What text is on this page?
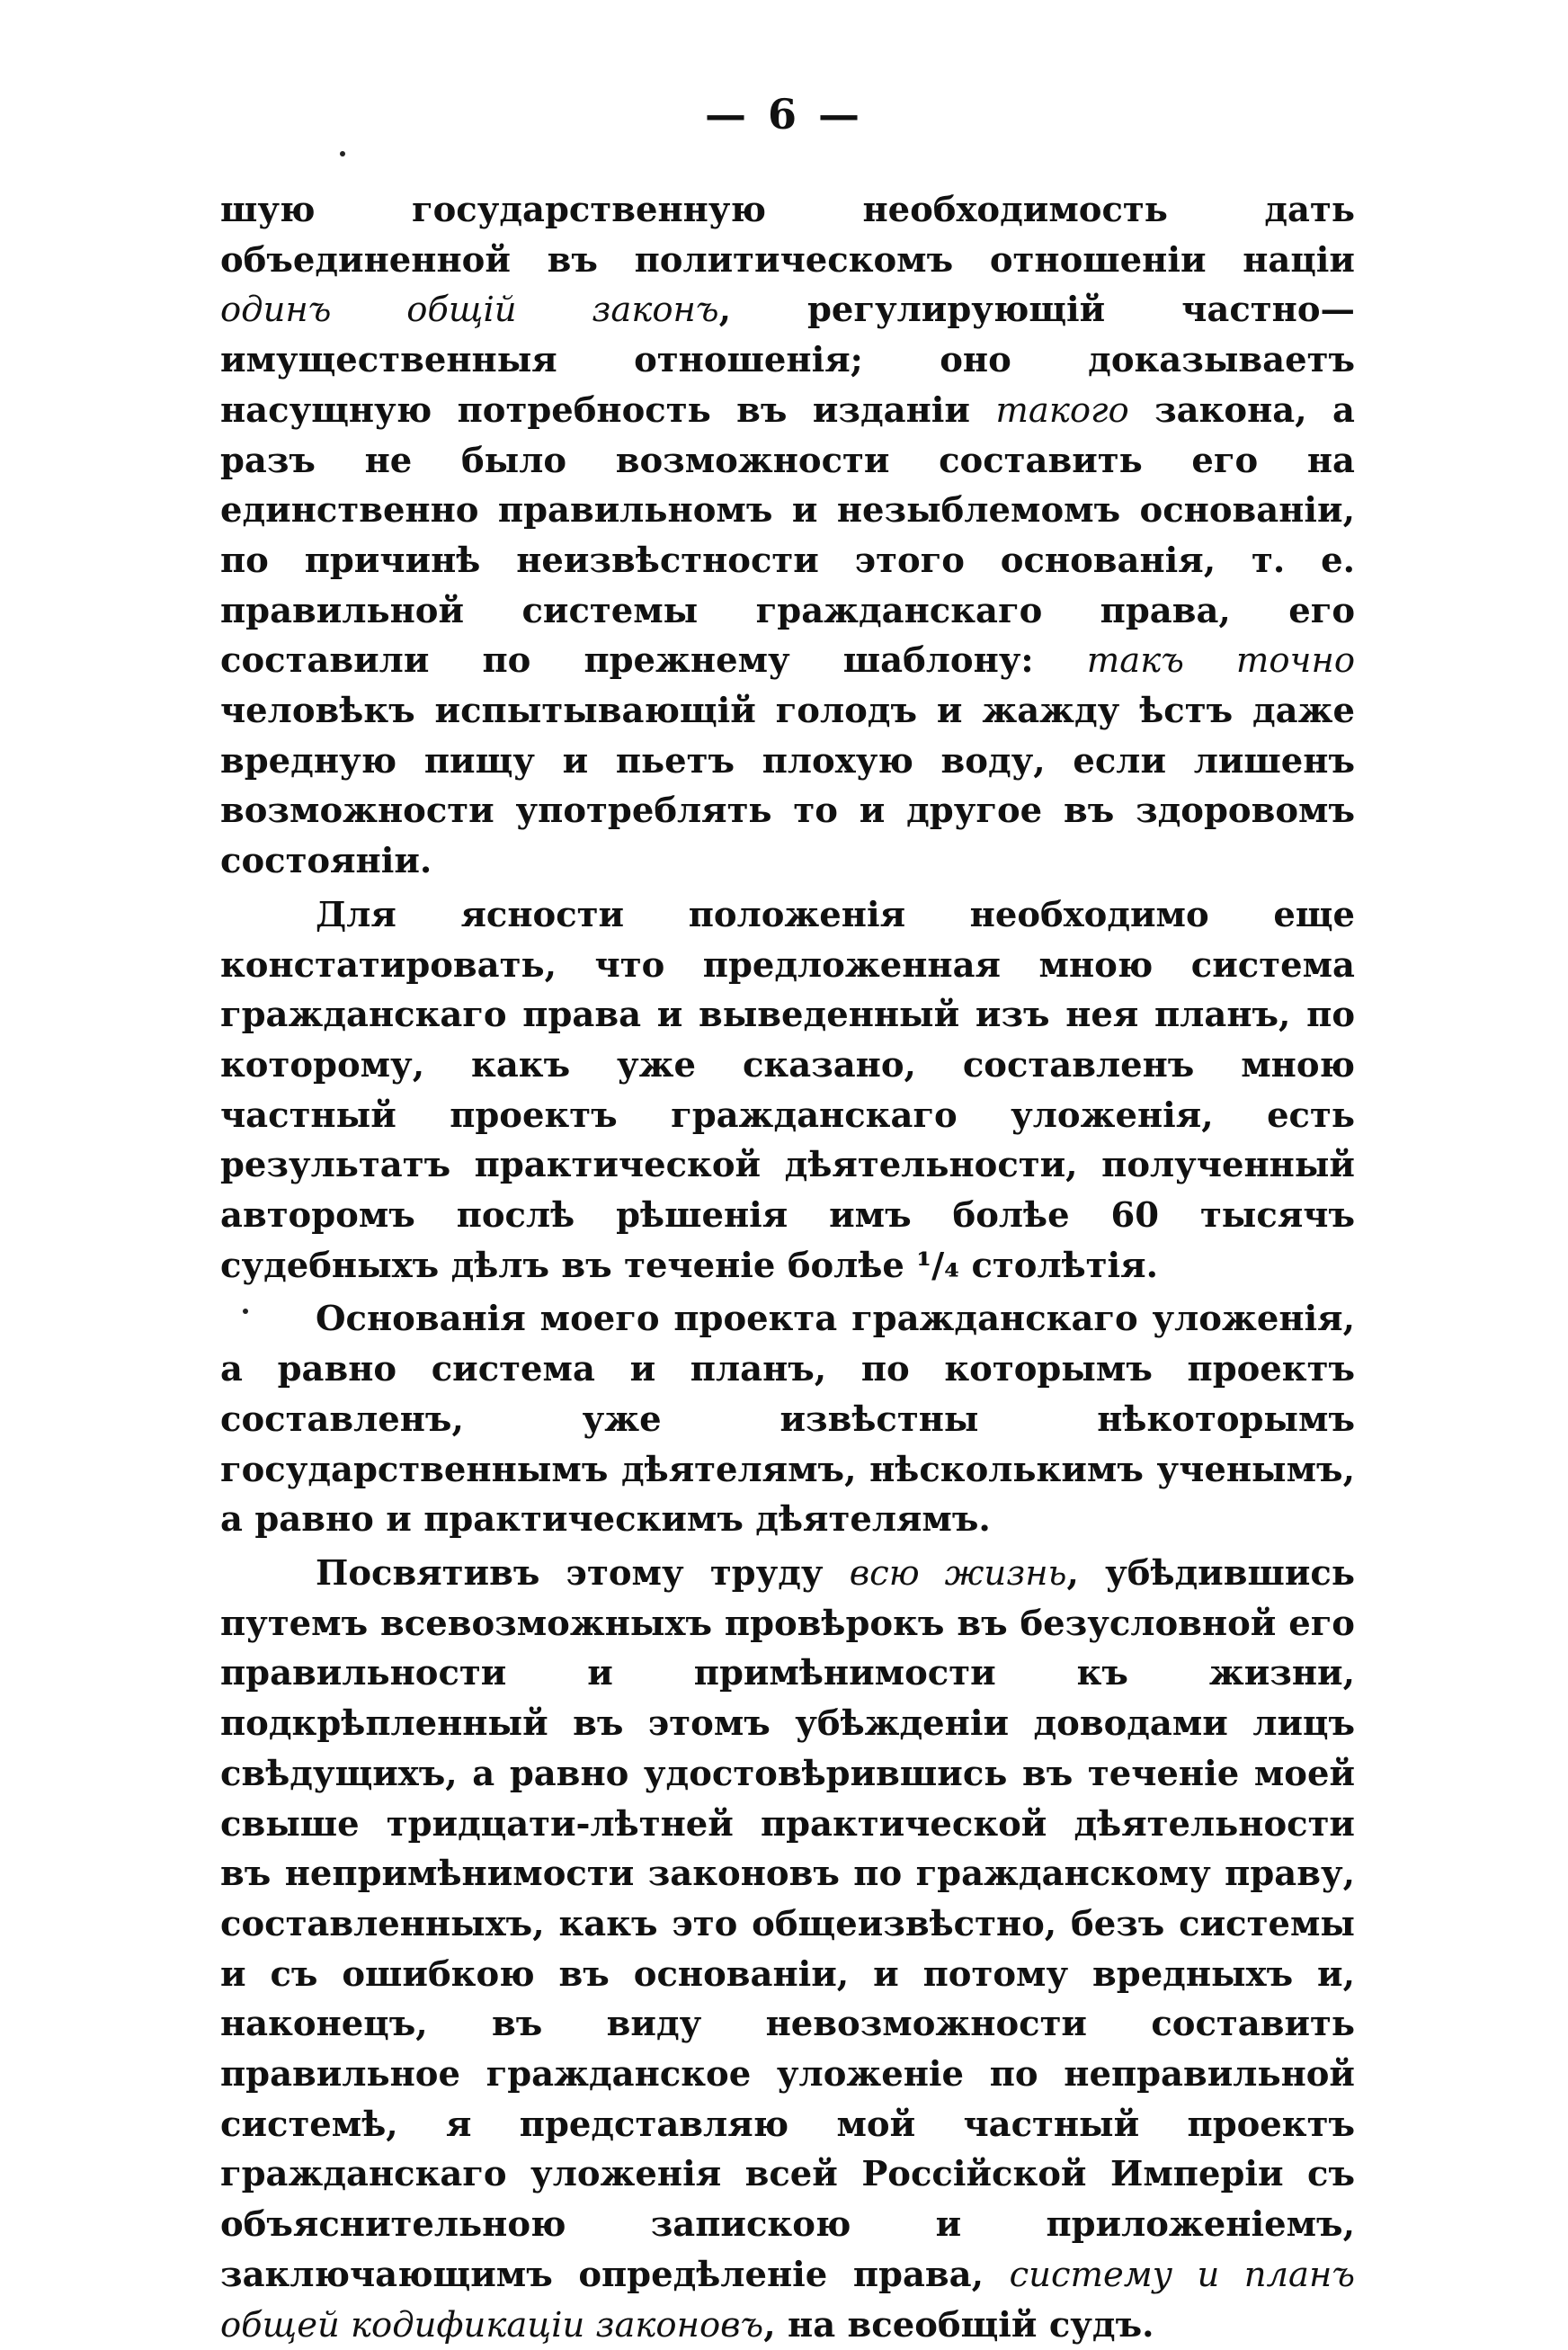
— 6 —

шую государственную необходимость дать объединенной въ политическомъ отношеніи націи одинъ общій законъ, регулирующій частно—имущественныя отношенія; оно доказываетъ насущную потребность въ изданіи такого закона, а разъ не было возможности составить его на единственно правильномъ и незыблемомъ основаніи, по причинѣ неизвѣстности этого основанія, т. е. правильной системы гражданскаго права, его составили по прежнему шаблону: такъ точно человѣкъ испытывающій голодъ и жажду ѣстъ даже вредную пищу и пьетъ плохую воду, если лишенъ возможности употреблять то и другое въ здоровомъ состояніи.

Для ясности положенія необходимо еще констатировать, что предложенная мною система гражданскаго права и выведенный изъ нея планъ, по которому, какъ уже сказано, составленъ мною частный проектъ гражданскаго уложенія, есть результатъ практической дѣятельности, полученный авторомъ послѣ рѣшенія имъ болѣе 60 тысячъ судебныхъ дѣлъ въ теченіе болѣе ¹/₄ столѣтія.

Основанія моего проекта гражданскаго уложенія, а равно система и планъ, по которымъ проектъ составленъ, уже извѣстны нѣкоторымъ государственнымъ дѣятелямъ, нѣсколькимъ ученымъ, а равно и практическимъ дѣятелямъ.

Посвятивъ этому труду всю жизнь, убѣдившись путемъ всевозможныхъ провѣрокъ въ безусловной его правильности и примѣнимости къ жизни, подкрѣпленный въ этомъ убѣжденіи доводами лицъ свѣдущихъ, а равно удостовѣрившись въ теченіе моей свыше тридцати-лѣтней практической дѣятельности въ непримѣнимости законовъ по гражданскому праву, составленныхъ, какъ это общеизвѣстно, безъ системы и съ ошибкою въ основаніи, и потому вредныхъ и, наконецъ, въ виду невозможности составить правильное гражданское уложеніе по неправильной системѣ, я представляю мой частный проектъ гражданскаго уложенія всей Россійской Имперіи съ объяснительною запискою и приложеніемъ, заключающимъ опредѣленіе права, систему и планъ общей кодификаціи законовъ, на всеобщій судъ.
